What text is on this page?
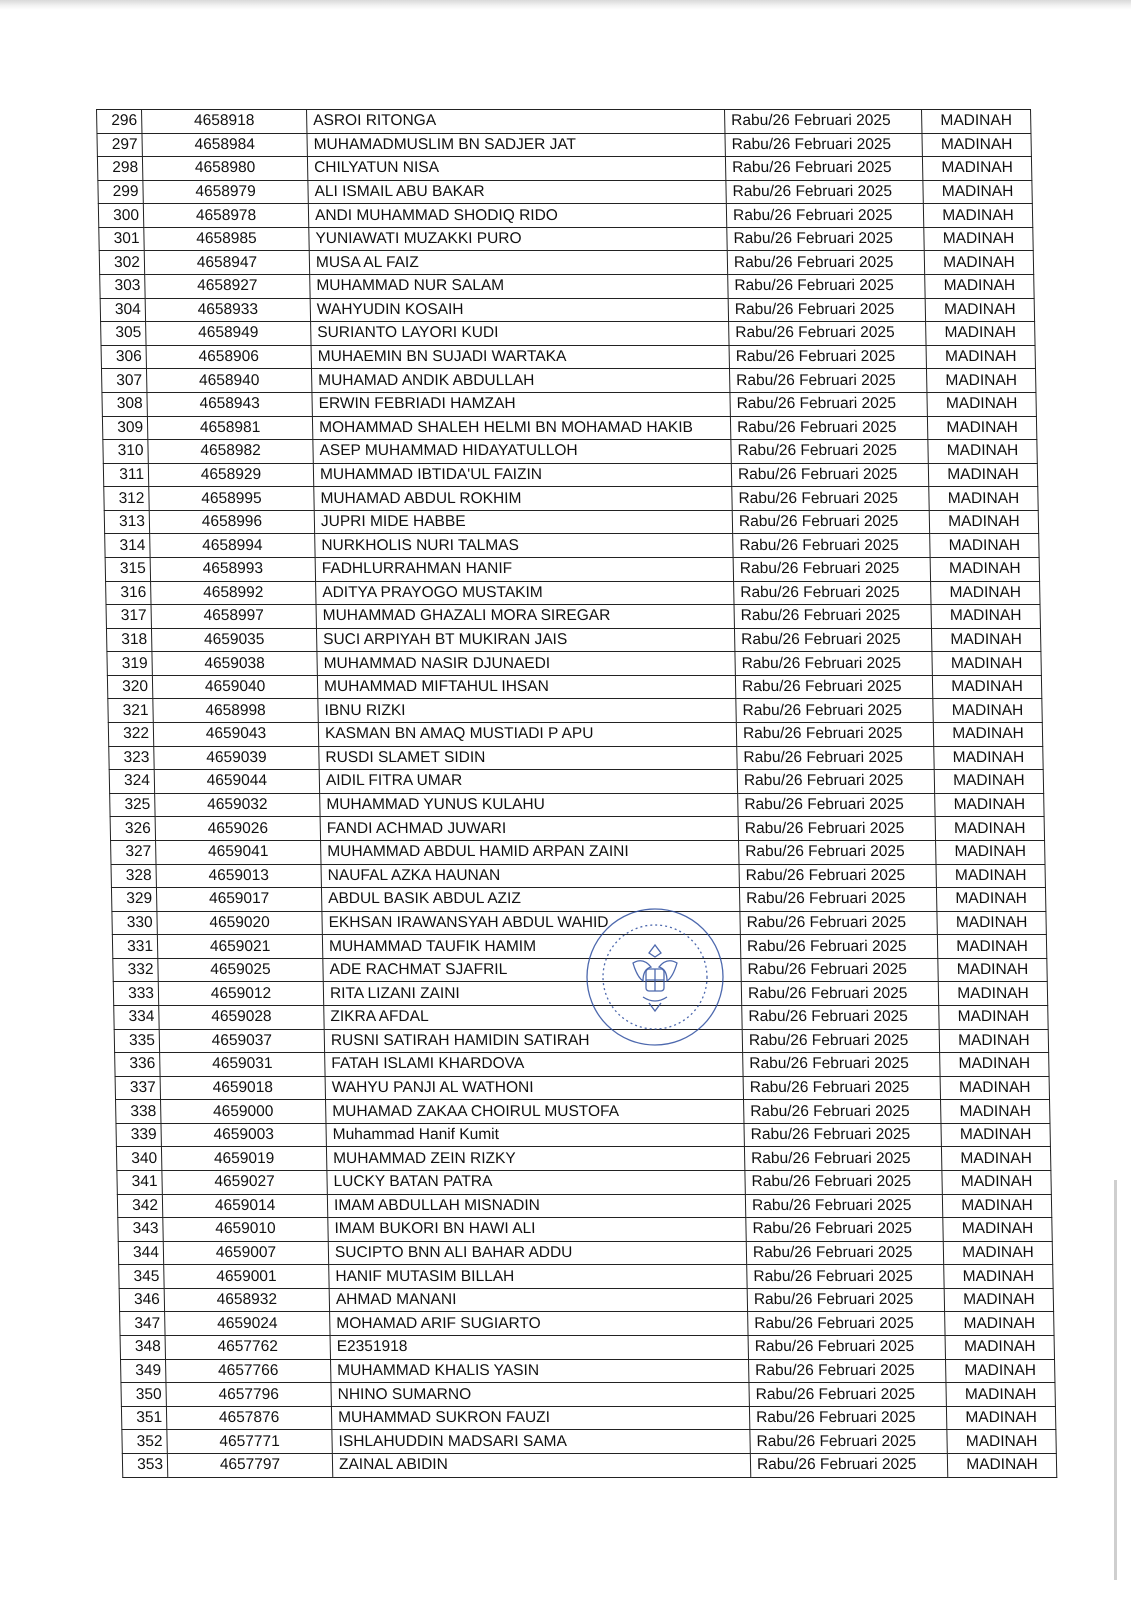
296	4658918	ASROI RITONGA	Rabu/26 Februari 2025	MADINAH
297	4658984	MUHAMADMUSLIM BN SADJER JAT	Rabu/26 Februari 2025	MADINAH
298	4658980	CHILYATUN NISA	Rabu/26 Februari 2025	MADINAH
299	4658979	ALI ISMAIL ABU BAKAR	Rabu/26 Februari 2025	MADINAH
300	4658978	ANDI MUHAMMAD SHODIQ RIDO	Rabu/26 Februari 2025	MADINAH
301	4658985	YUNIAWATI MUZAKKI PURO	Rabu/26 Februari 2025	MADINAH
302	4658947	MUSA AL FAIZ	Rabu/26 Februari 2025	MADINAH
303	4658927	MUHAMMAD NUR SALAM	Rabu/26 Februari 2025	MADINAH
304	4658933	WAHYUDIN KOSAIH	Rabu/26 Februari 2025	MADINAH
305	4658949	SURIANTO LAYORI KUDI	Rabu/26 Februari 2025	MADINAH
306	4658906	MUHAEMIN BN SUJADI WARTAKA	Rabu/26 Februari 2025	MADINAH
307	4658940	MUHAMAD ANDIK ABDULLAH	Rabu/26 Februari 2025	MADINAH
308	4658943	ERWIN FEBRIADI HAMZAH	Rabu/26 Februari 2025	MADINAH
309	4658981	MOHAMMAD SHALEH HELMI BN MOHAMAD HAKIB	Rabu/26 Februari 2025	MADINAH
310	4658982	ASEP MUHAMMAD HIDAYATULLOH	Rabu/26 Februari 2025	MADINAH
311	4658929	MUHAMMAD IBTIDA'UL FAIZIN	Rabu/26 Februari 2025	MADINAH
312	4658995	MUHAMAD ABDUL ROKHIM	Rabu/26 Februari 2025	MADINAH
313	4658996	JUPRI MIDE HABBE	Rabu/26 Februari 2025	MADINAH
314	4658994	NURKHOLIS NURI TALMAS	Rabu/26 Februari 2025	MADINAH
315	4658993	FADHLURRAHMAN HANIF	Rabu/26 Februari 2025	MADINAH
316	4658992	ADITYA PRAYOGO MUSTAKIM	Rabu/26 Februari 2025	MADINAH
317	4658997	MUHAMMAD GHAZALI MORA SIREGAR	Rabu/26 Februari 2025	MADINAH
318	4659035	SUCI ARPIYAH BT MUKIRAN JAIS	Rabu/26 Februari 2025	MADINAH
319	4659038	MUHAMMAD NASIR DJUNAEDI	Rabu/26 Februari 2025	MADINAH
320	4659040	MUHAMMAD MIFTAHUL IHSAN	Rabu/26 Februari 2025	MADINAH
321	4658998	IBNU RIZKI	Rabu/26 Februari 2025	MADINAH
322	4659043	KASMAN BN AMAQ MUSTIADI P APU	Rabu/26 Februari 2025	MADINAH
323	4659039	RUSDI SLAMET SIDIN	Rabu/26 Februari 2025	MADINAH
324	4659044	AIDIL FITRA UMAR	Rabu/26 Februari 2025	MADINAH
325	4659032	MUHAMMAD YUNUS KULAHU	Rabu/26 Februari 2025	MADINAH
326	4659026	FANDI ACHMAD JUWARI	Rabu/26 Februari 2025	MADINAH
327	4659041	MUHAMMAD ABDUL HAMID ARPAN ZAINI	Rabu/26 Februari 2025	MADINAH
328	4659013	NAUFAL AZKA HAUNAN	Rabu/26 Februari 2025	MADINAH
329	4659017	ABDUL BASIK ABDUL AZIZ	Rabu/26 Februari 2025	MADINAH
330	4659020	EKHSAN IRAWANSYAH ABDUL WAHID	Rabu/26 Februari 2025	MADINAH
331	4659021	MUHAMMAD TAUFIK HAMIM	Rabu/26 Februari 2025	MADINAH
332	4659025	ADE RACHMAT SJAFRIL	Rabu/26 Februari 2025	MADINAH
333	4659012	RITA LIZANI ZAINI	Rabu/26 Februari 2025	MADINAH
334	4659028	ZIKRA AFDAL	Rabu/26 Februari 2025	MADINAH
335	4659037	RUSNI SATIRAH HAMIDIN SATIRAH	Rabu/26 Februari 2025	MADINAH
336	4659031	FATAH ISLAMI KHARDOVA	Rabu/26 Februari 2025	MADINAH
337	4659018	WAHYU PANJI AL WATHONI	Rabu/26 Februari 2025	MADINAH
338	4659000	MUHAMAD ZAKAA CHOIRUL MUSTOFA	Rabu/26 Februari 2025	MADINAH
339	4659003	Muhammad Hanif Kumit	Rabu/26 Februari 2025	MADINAH
340	4659019	MUHAMMAD ZEIN RIZKY	Rabu/26 Februari 2025	MADINAH
341	4659027	LUCKY BATAN PATRA	Rabu/26 Februari 2025	MADINAH
342	4659014	IMAM ABDULLAH MISNADIN	Rabu/26 Februari 2025	MADINAH
343	4659010	IMAM BUKORI BN HAWI ALI	Rabu/26 Februari 2025	MADINAH
344	4659007	SUCIPTO BNN ALI BAHAR ADDU	Rabu/26 Februari 2025	MADINAH
345	4659001	HANIF MUTASIM BILLAH	Rabu/26 Februari 2025	MADINAH
346	4658932	AHMAD MANANI	Rabu/26 Februari 2025	MADINAH
347	4659024	MOHAMAD ARIF SUGIARTO	Rabu/26 Februari 2025	MADINAH
348	4657762	E2351918	Rabu/26 Februari 2025	MADINAH
349	4657766	MUHAMMAD KHALIS YASIN	Rabu/26 Februari 2025	MADINAH
350	4657796	NHINO SUMARNO	Rabu/26 Februari 2025	MADINAH
351	4657876	MUHAMMAD SUKRON FAUZI	Rabu/26 Februari 2025	MADINAH
352	4657771	ISHLAHUDDIN MADSARI SAMA	Rabu/26 Februari 2025	MADINAH
353	4657797	ZAINAL ABIDIN	Rabu/26 Februari 2025	MADINAH
